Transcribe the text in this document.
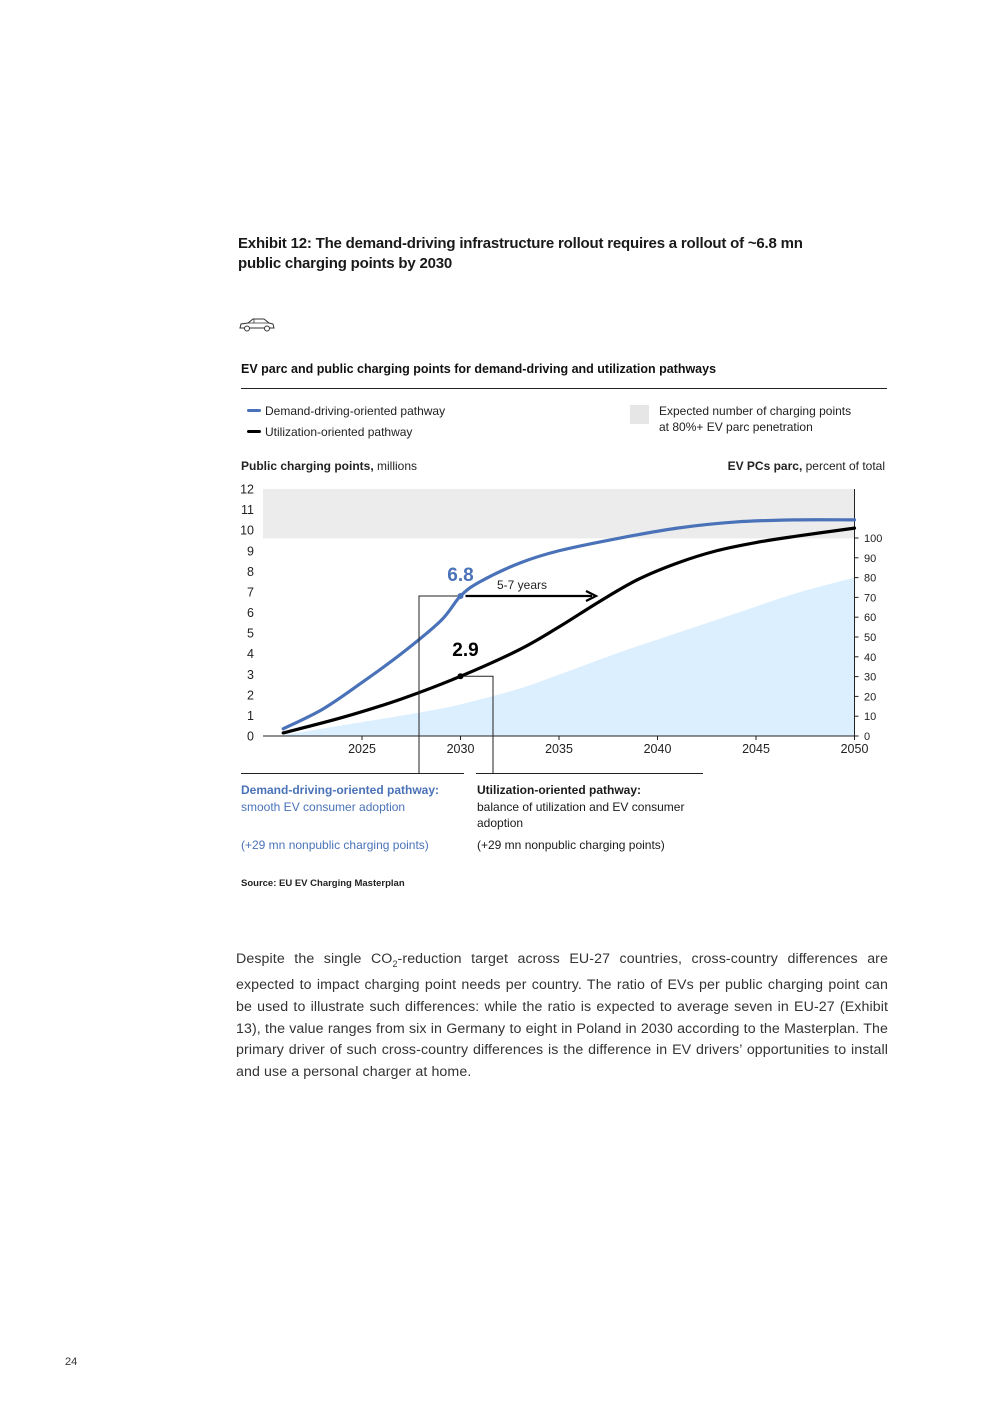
Exhibit 12: The demand-driving infrastructure rollout requires a rollout of ~6.8 mn public charging points by 2030
EV parc and public charging points for demand-driving and utilization pathways
Demand-driving-oriented pathway
Utilization-oriented pathway
Expected number of charging points
at 80%+ EV parc penetration
Public charging points, millions	EV PCs parc, percent of total
0
1
2
3
4
5
6
7
8
9
10
11
12
0
10
20
30
40
50
60
70
80
90
100
2025	2030	2035	2040	2045	2050
6.8
2.9
5-7 years
Demand-driving-oriented pathway:
smooth EV consumer adoption
(+29 mn nonpublic charging points)
Utilization-oriented pathway:
balance of utilization and EV consumer
adoption
(+29 mn nonpublic charging points)
Source: EU EV Charging Masterplan
Despite the single $CO_2$-reduction target across EU-27 countries, cross-country differences are expected to impact charging point needs per country. The ratio of EVs per public charging point can be used to illustrate such differences: while the ratio is expected to average seven in EU-27 (Exhibit 13), the value ranges from six in Germany to eight in Poland in 2030 according to the Masterplan. The primary driver of such cross-country differences is the difference in EV drivers’ opportunities to install and use a personal charger at home.
24
